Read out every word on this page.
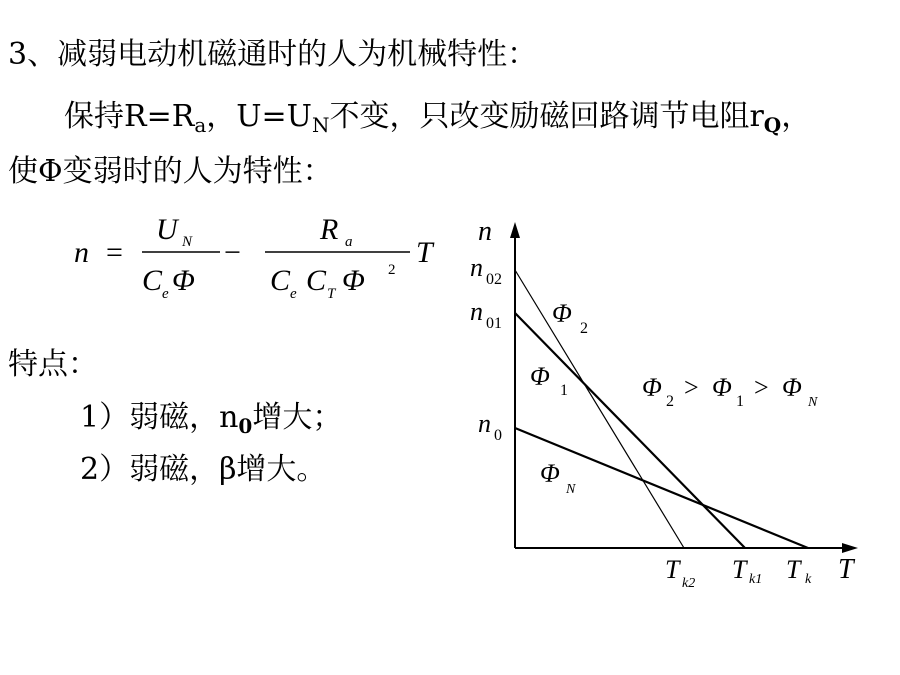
3、减弱电动机磁通时的人为机械特性：
保持$R=R_a$，$U=U_N$不变，只改变励磁回路调节电阻$r_Q$，
使Φ变弱时的人为特性：
n =
U N
C e Φ
−
R a
C e C T Φ 2
T
特点：
1）弱磁，$n_0$增大；
2）弱磁，β增大。
n
T
n 02
n 01
n 0
T k2 T k1 T k
Φ
2
Φ 1
Φ
N
Φ 2 > Φ 1 > Φ
N
